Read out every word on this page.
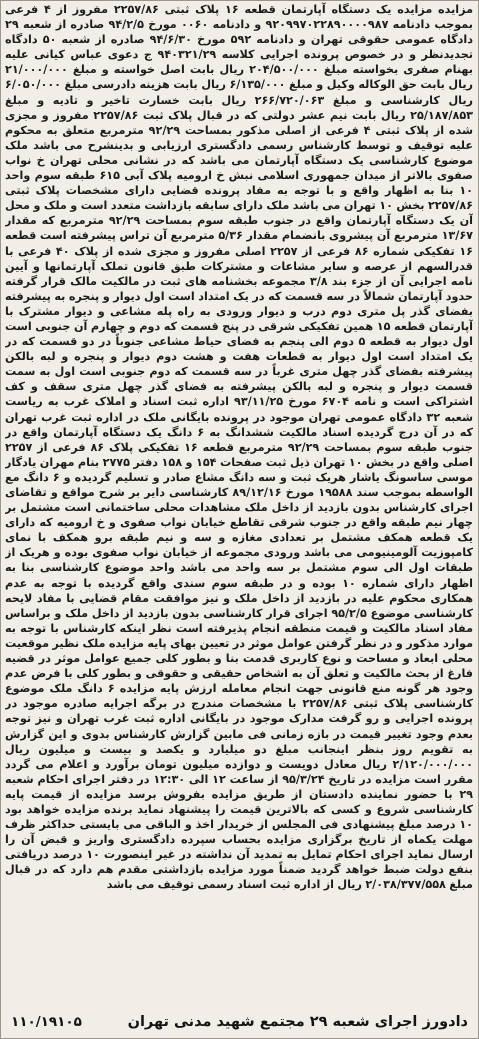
مزایده مزایده یک دستگاه آپارتمان قطعه ۱۶ پلاک ثبتی ۲۲۵۷/۸۶ مفروز از ۴ فرعی بموجب دادنامه ۹۲۰۹۹۷۰۲۲۸۹۰۰۰۰۹۸۷ و دادنامه ۰۰۶۰ مورخ ۹۴/۲/۵ صادره از شعبه ۲۹ دادگاه عمومی حقوقی تهران و دادنامه ۵۹۲ مورخ ۹۴/۶/۳۰ صادره از شعبه ۵۰ دادگاه تجدیدنظر و در خصوص پرونده اجرایی کلاسه ۹۴۰۳۲۱/۲۹ ج دعوی عباس کیانی علیه بهنام صفری بخواسته مبلغ ۲۰۴/۵۰۰/۰۰۰ ریال بابت اصل خواسته و مبلغ ۲۱/۰۰۰/۰۰۰ ریال بابت حق الوکاله وکیل و مبلغ ۶/۱۳۵/۰۰۰ ریال بابت هزینه دادرسی مبلغ ۶/۰۵۰/۰۰۰ ریال کارشناسی و مبلغ ۲۶۶/۷۲۰/۰۶۳ ریال بابت خسارت تاخیر و تادیه و مبلغ ۲۵/۱۸۷/۸۵۳ ریال بابت نیم عشر دولتی که در قبال پلاک ثبت ۲۲۵۷/۸۶ مفروز و مجزی شده از پلاک ثبتی ۴ فرعی از اصلی مذکور بمساحت ۹۲/۲۹ مترمربع متعلق به محکوم علیه توقیف و توسط کارشناس رسمی دادگستری ارزیابی و بدینشرح می باشد ملک موضوع کارشناسی یک دستگاه آپارتمان می باشد که در نشانی محلی تهران خ نواب صفوی بالاتر از میدان جمهوری اسلامی نبش خ ارومیه پلاک آبی ۶۱۵ طبقه سوم واحد ۱۰ بنا به اظهار واقع و با توجه به مفاد پرونده قضایی دارای مشخصات پلاک ثبتی ۲۲۵۷/۸۶ بخش ۱۰ تهران می باشد ملک دارای سابقه بازداشت متعدد است و ملک و محل آن یک دستگاه آپارتمان واقع در جنوب طبقه سوم بمساحت ۹۲/۲۹ مترمربع که مقدار ۱۳/۶۷ مترمربع آن پیشروی بانضمام مقدار ۵/۳۶ مترمربع آن تراس پیشرفته است قطعه ۱۶ تفکیکی شماره ۸۶ فرعی از ۲۲۵۷ اصلی مفروز و مجزی شده از پلاک ۴۰ فرعی با قدرالسهم از عرصه و سایر مشاعات و مشترکات طبق قانون تملک آپارتمانها و آیین نامه اجرایی آن از جزء بند ۳/۸ مجموعه بخشنامه های ثبت در مالکیت مالک قرار گرفته حدود آپارتمان شمالاً در سه قسمت که در یک امتداد است اول دیوار و پنجره به پیشرفته بفضای گذر پل متری دوم درب و دیوار ورودی به راه پله مشاعی و دیوار مشترک با آپارتمان قطعه ۱۵ همین تفکیکی شرقی در پنج قسمت که دوم و چهارم آن جنوبی است اول دیوار به قطعه ۵ دوم الی پنجم به فضای حیاط مشاعی جنوباً در دو قسمت که در یک امتداد است اول دیوار به قطعات هفت و هشت دوم دیوار و پنجره و لبه بالکن پیشرفته بفضای گذر چهل متری غرباً در سه قسمت که دوم جنوبی است اول به سمت قسمت دیوار و پنجره و لبه بالکن پیشرفته به فضای گذر چهل متری سقف و کف اشتراکی است و نامه ۶۷۰۴ مورخ ۹۳/۱۱/۲۵ اداره ثبت اسناد و املاک غرب به ریاست شعبه ۳۲ دادگاه عمومی تهران موجود در پرونده بایگانی ملک در اداره ثبت غرب تهران که در آن درج گردیده اسناد مالکیت ششدانگ به ۶ دانگ یک دستگاه آپارتمان واقع در جنوب طبقه سوم بمساحت ۹۲/۲۹ مترمربع قطعه ۱۶ تفکیکی پلاک ۸۶ فرعی از ۲۲۵۷ اصلی واقع در بخش ۱۰ تهران ذیل ثبت صفحات ۱۵۴ و ۱۵۸ دفتر ۲۷۷۵ بنام مهران یادگار موسی ساسونگ یاشار هریک ثبت و سه دانگ مشاع صادر و تسلیم گردیده و ۶ دانگ مع الواسطه بموجب سند ۱۹۵۸۸ مورخ ۸۹/۱۲/۱۶ کارشناسی دایر بر شرح مواقع و تقاضای اجرای کارشناس بدون بازدید از داخل ملک مشاهدات محلی ساختمانی است مشتمل بر چهار نیم طبقه واقع در جنوب شرقی تقاطع خیابان نواب صفوی و خ ارومیه که دارای یک قطعه همکف مشتمل بر تعدادی مغازه و سه و نیم طبقه برو همکف با نمای کامپوزیت آلومینیومی می باشد ورودی مجموعه از خیابان نواب صفوی بوده و هریک از طبقات اول الی سوم مشتمل بر سه واحد می باشد واحد موضوع کارشناسی بنا به اظهار دارای شماره ۱۰ بوده و در طبقه سوم سندی واقع گردیده با توجه به عدم همکاری محکوم علیه در بازدید از داخل ملک و نیز موافقت مقام قضایی با مفاد لایحه کارشناسی موضوع ۹۵/۲/۵ اجرای قرار کارشناسی بدون بازدید از داخل ملک و براساس مفاد اسناد مالکیت و قیمت منطقه انجام پذیرفته است نظر اینکه کارشناس با توجه به موارد مذکور و در نظر گرفتن عوامل موثر در تعیین بهای پایه مزایده ملک نظیر موقعیت محلی ابعاد و مساحت و نوع کاربری قدمت بنا و بطور کلی جمیع عوامل موثر در قضیه فارغ از بحث مالکیت و تعلق آن به اشخاص حقیقی و حقوقی و بطور کلی با فرض عدم وجود هر گونه منع قانونی جهت انجام معامله ارزش پایه مزایده ۶ دانگ ملک موضوع کارشناسی پلاک ثبتی ۲۲۵۷/۸۶ با مشخصات مندرج در برگه اجرایه صادره موجود در پرونده اجرایی و رو گرفت مدارک موجود در بایگانی اداره ثبت غرب تهران و نیز توجه بعدم وجود تغییر قیمت در بازه زمانی فی مابین گزارش کارشناس بدوی و این گزارش به تقویم روز بنظر اینجانب مبلغ دو میلیارد و یکصد و بیست و میلیون ریال ۲/۱۲۰/۰۰۰/۰۰۰ ریال معادل دویست و دوازده میلیون تومان برآورد و اعلام می گردد مقرر است مزایده در تاریخ ۹۵/۳/۲۴ از ساعت ۱۲ الی ۱۲:۳۰ در دفتر اجرای احکام شعبه ۲۹ با حضور نماینده دادستان از طریق مزایده بفروش برسد مزایده از قیمت پایه کارشناسی شروع و کسی که بالاترین قیمت را پیشنهاد نماید برنده مزایده خواهد بود ۱۰ درصد مبلغ پیشنهادی فی المجلس از خریدار اخذ و الباقی می بایستی حداکثر ظرف مهلت یکماه از تاریخ برگزاری مزایده بحساب سپرده دادگستری واریز و قبض آن را ارسال نماید اجرای احکام تمایل به تمدید آن نداشته در غیر اینصورت ۱۰ درصد دریافتی بنفع دولت ضبط خواهد گردید ضمناً مورد مزایده بازداشتی مقدم هم دارد که در قبال مبلغ ۲/۰۳۸/۳۷۷/۵۵۸ ریال از اداره ثبت اسناد رسمی توقیف می باشد
دادورز اجرای شعبه ۲۹ مجتمع شهید مدنی تهران
۱۱۰/۱۹۱۰۵
